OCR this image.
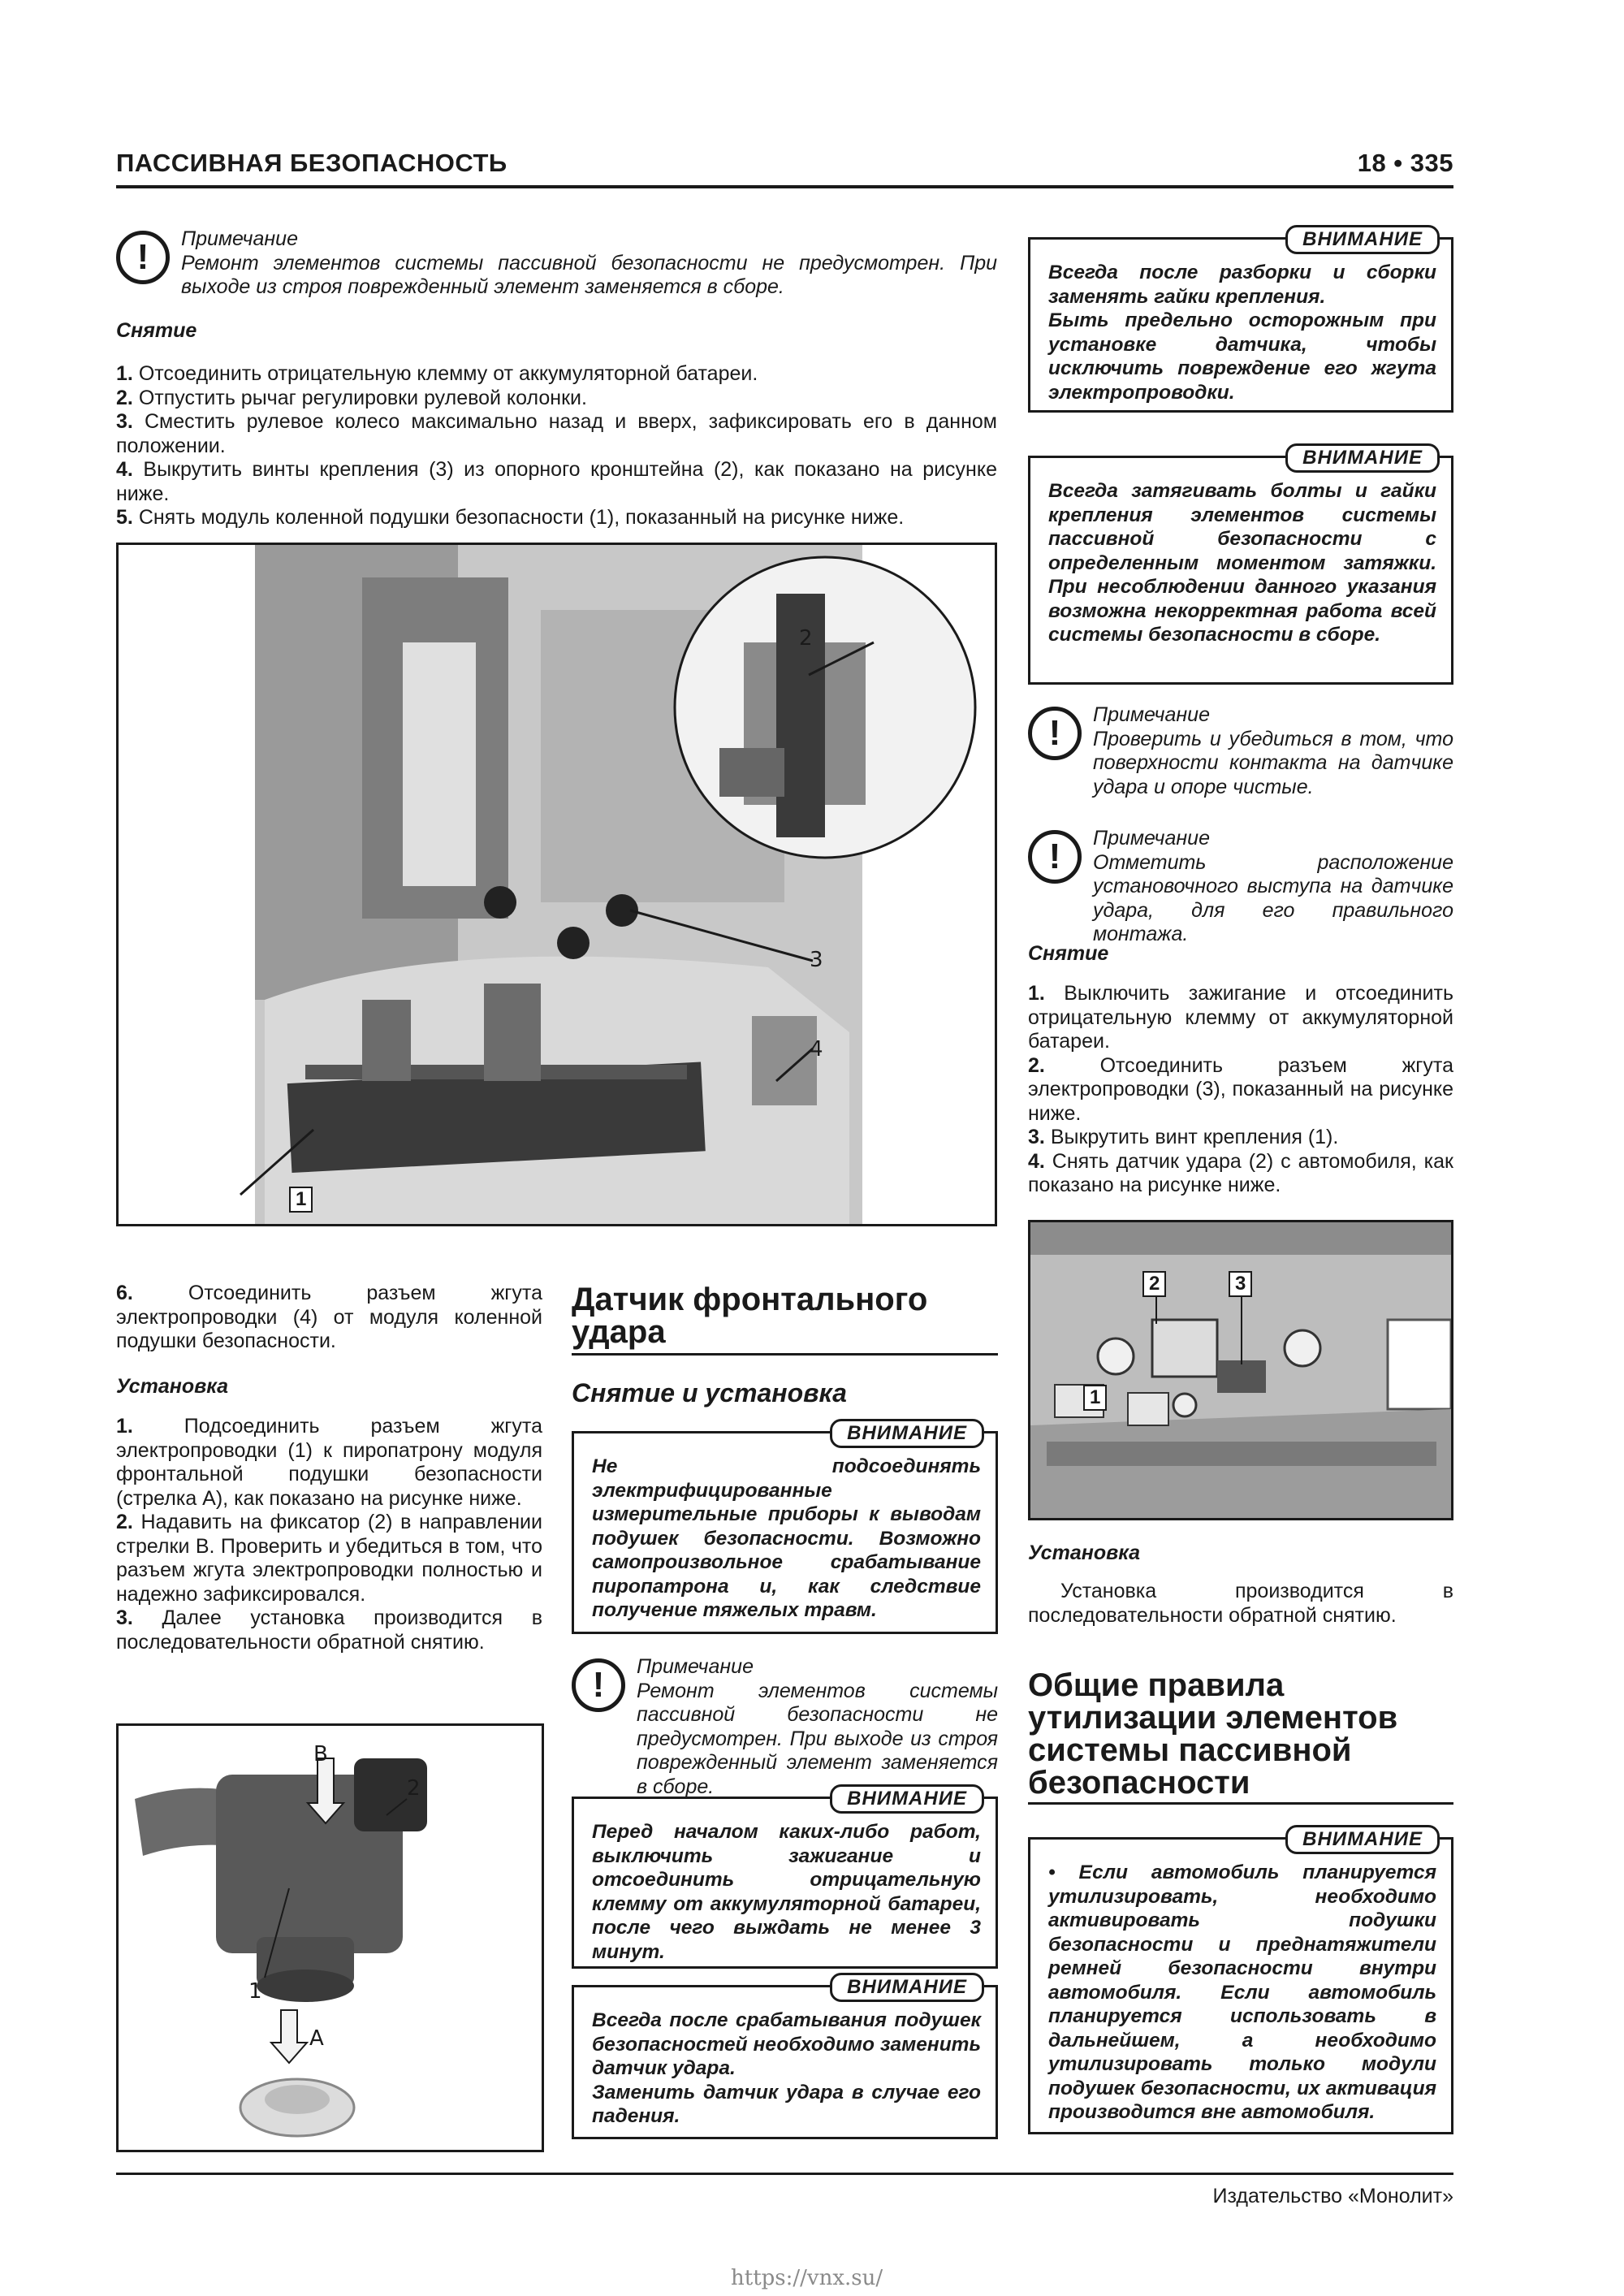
ПАССИВНАЯ БЕЗОПАСНОСТЬ	18 • 335
!	Примечание
Ремонт элементов системы пассивной безопасности не предусмотрен. При выходе из строя поврежденный элемент заменяется в сборе.
Снятие

1. Отсоединить отрицательную клемму от аккумуляторной батареи.

2. Отпустить рычаг регулировки рулевой колонки.

3. Сместить рулевое колесо максимально назад и вверх, зафиксировать его в данном положении.

4. Выкрутить винты крепления (3) из опорного кронштейна (2), как показано на рисунке ниже.

5. Снять модуль коленной подушки безопасности (1), показанный на рисунке ниже.

1
2
3
4

6.	Отсоединить разъем жгута электропроводки (4) от модуля коленной подушки безопасности.

Установка

1.	Подсоединить разъем жгута электропроводки (1) к пиропатрону модуля фронтальной подушки безопасности (стрелка A), как показано на рисунке ниже.

2. Надавить на фиксатор (2) в направлении стрелки B. Проверить и убедиться в том, что разъем жгута электропроводки полностью и надежно зафиксировался.

3. Далее установка производится в последовательности обратной снятию.

B
2
1
A
Датчик фронтального удара
Снятие и установка
ВНИМАНИЕ
Не подсоединять электрифицированные измерительные приборы к выводам подушек безопасности. Возможно самопроизвольное срабатывание пиропатрона и, как следствие получение тяжелых травм.
!	Примечание
Ремонт элементов системы пассивной безопасности не предусмотрен. При выходе из строя поврежденный элемент заменяется в сборе.
ВНИМАНИЕ
Перед началом каких-либо работ, выключить зажигание и отсоединить отрицательную клемму от аккумуляторной батареи, после чего выждать не менее 3 минут.
ВНИМАНИЕ
Всегда после срабатывания подушек безопасностей необходимо заменить датчик удара.
Заменить датчик удара в случае его падения.
ВНИМАНИЕ
Всегда после разборки и сборки заменять гайки крепления.
Быть предельно осторожным при установке датчика, чтобы исключить повреждение его жгута электропроводки.
ВНИМАНИЕ
Всегда затягивать болты и гайки крепления элементов системы пассивной безопасности с определенным моментом затяжки. При несоблюдении данного указания возможна некорректная работа всей системы безопасности в сборе.
!	Примечание
Проверить и убедиться в том, что поверхности контакта на датчике удара и опоре чистые.
!	Примечание
Отметить расположение установочного выступа на датчике удара, для его правильного монтажа.
Снятие

1. Выключить зажигание и отсоединить отрицательную клемму от аккумуляторной батареи.

2.	Отсоединить разъем жгута электропроводки (3), показанный на рисунке ниже.

3. Выкрутить винт крепления (1).

4. Снять датчик удара (2) с автомобиля, как показано на рисунке ниже.

2	3
1
Установка

Установка производится в последовательности обратной снятию.

Общие правила утилизации элементов системы пассивной безопасности
ВНИМАНИЕ
• Если автомобиль планируется утилизировать, необходимо активировать подушки безопасности и преднатяжители ремней безопасности внутри автомобиля. Если автомобиль планируется использовать в дальнейшем, а необходимо утилизировать только модули подушек безопасности, их активация производится вне автомобиля.
Издательство «Монолит»
https://vnx.su/
